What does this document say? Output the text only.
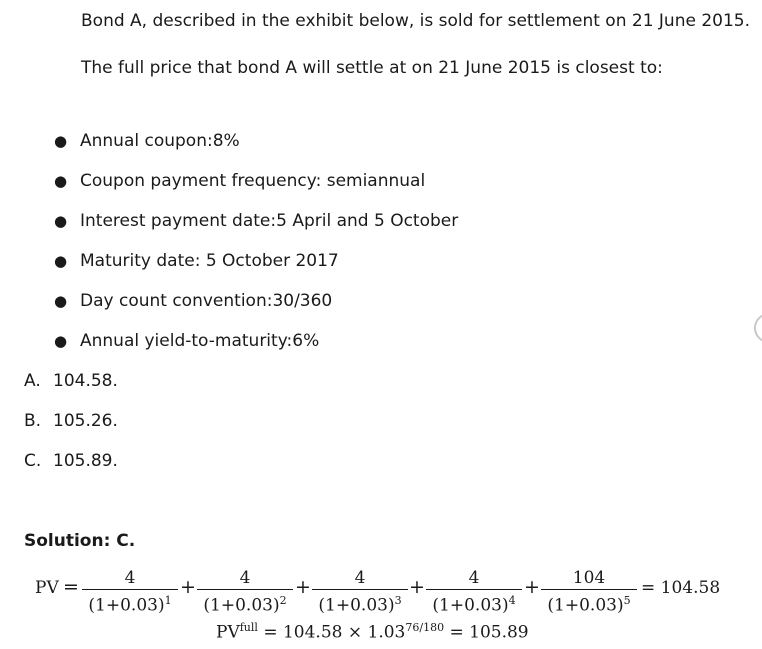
Bond A, described in the exhibit below, is sold for settlement on 21 June 2015.
The full price that bond A will settle at on 21 June 2015 is closest to:
● Annual coupon:8%
● Coupon payment frequency: semiannual
● Interest payment date:5 April and 5 October
● Maturity date: 5 October 2017
● Day count convention:30/360
● Annual yield-to-maturity:6%
A. 104.58.
B. 105.26.
C. 105.89.
Solution: C.
PV =	4
$(1+0.03)^1$
+	4
$(1+0.03)^2$
+	4
$(1+0.03)^3$
+	4
$(1+0.03)^4$
+	104
$(1+0.03)^5$
= 104.58
$PV^{full} = 104.58 \times 1.03^{76/180} = 105.89$
